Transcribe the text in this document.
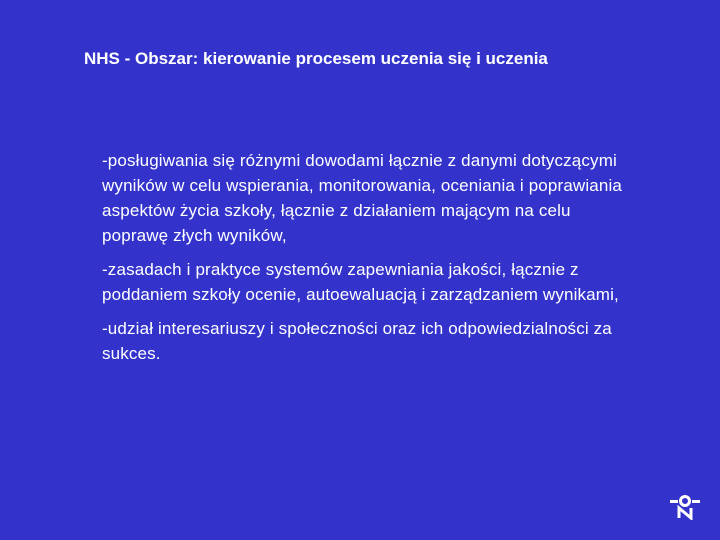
NHS - Obszar: kierowanie procesem uczenia się i uczenia

-posługiwania się różnymi dowodami łącznie z danymi dotyczącymi wyników w celu wspierania, monitorowania, oceniania i poprawiania aspektów życia szkoły, łącznie z działaniem mającym na celu poprawę złych wyników,

-zasadach i praktyce systemów zapewniania jakości, łącznie z poddaniem szkoły ocenie, autoewaluacją i zarządzaniem wynikami,

-udział interesariuszy i społeczności oraz ich odpowiedzialności za sukces.
